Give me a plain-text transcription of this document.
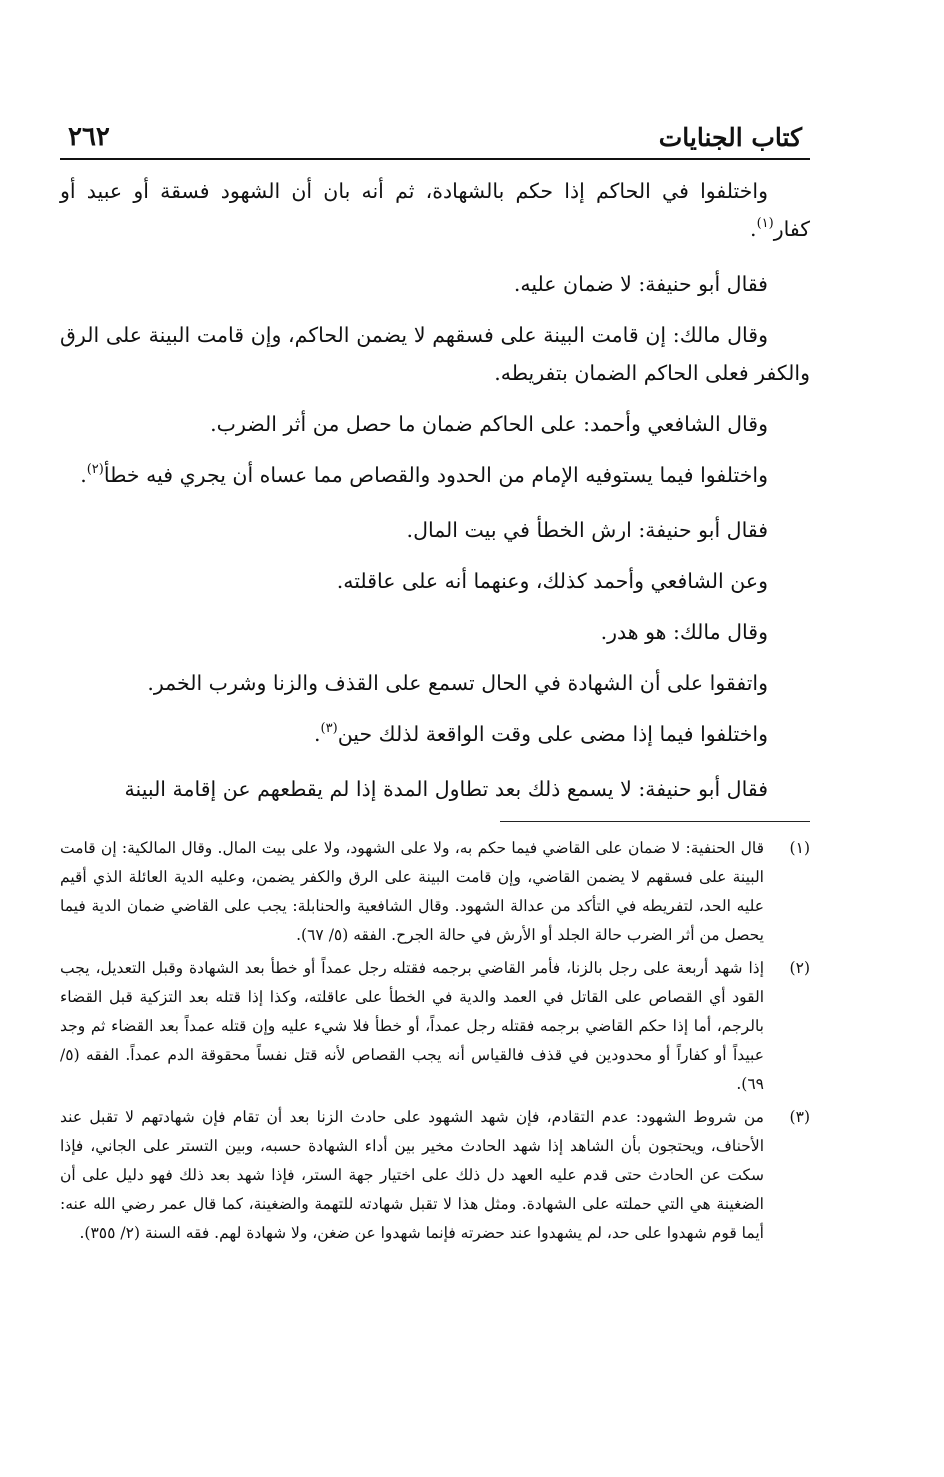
كتاب الجنايات
٢٦٢

واختلفوا في الحاكم إذا حكم بالشهادة، ثم أنه بان أن الشهود فسقة أو عبيد أو كفار$^{(١)}$.

فقال أبو حنيفة: لا ضمان عليه.

وقال مالك: إن قامت البينة على فسقهم لا يضمن الحاكم، وإن قامت البينة على الرق والكفر فعلى الحاكم الضمان بتفريطه.

وقال الشافعي وأحمد: على الحاكم ضمان ما حصل من أثر الضرب.

واختلفوا فيما يستوفيه الإمام من الحدود والقصاص مما عساه أن يجري فيه خطأ$^{(٢)}$.

فقال أبو حنيفة: ارش الخطأ في بيت المال.

وعن الشافعي وأحمد كذلك، وعنهما أنه على عاقلته.

وقال مالك: هو هدر.

واتفقوا على أن الشهادة في الحال تسمع على القذف والزنا وشرب الخمر.

واختلفوا فيما إذا مضى على وقت الواقعة لذلك حين$^{(٣)}$.

فقال أبو حنيفة: لا يسمع ذلك بعد تطاول المدة إذا لم يقطعهم عن إقامة البينة

(١)
قال الحنفية: لا ضمان على القاضي فيما حكم به، ولا على الشهود، ولا على بيت المال. وقال المالكية: إن قامت البينة على فسقهم لا يضمن القاضي، وإن قامت البينة على الرق والكفر يضمن، وعليه الدية العائلة الذي أقيم عليه الحد، لتفريطه في التأكد من عدالة الشهود. وقال الشافعية والحنابلة: يجب على القاضي ضمان الدية فيما يحصل من أثر الضرب حالة الجلد أو الأرش في حالة الجرح. الفقه (٥/ ٦٧).
(٢)
إذا شهد أربعة على رجل بالزنا، فأمر القاضي برجمه فقتله رجل عمداً أو خطأ بعد الشهادة وقبل التعديل، يجب القود أي القصاص على القاتل في العمد والدية في الخطأ على عاقلته، وكذا إذا قتله بعد التزكية قبل القضاء بالرجم، أما إذا حكم القاضي برجمه فقتله رجل عمداً، أو خطأ فلا شيء عليه وإن قتله عمداً بعد القضاء ثم وجد عبيداً أو كفاراً أو محدودين في قذف فالقياس أنه يجب القصاص لأنه قتل نفساً محقوقة الدم عمداً. الفقه (٥/ ٦٩).
(٣)
من شروط الشهود: عدم التقادم، فإن شهد الشهود على حادث الزنا بعد أن تقام فإن شهادتهم لا تقبل عند الأحناف، ويحتجون بأن الشاهد إذا شهد الحادث مخير بين أداء الشهادة حسبه، وبين التستر على الجاني، فإذا سكت عن الحادث حتى قدم عليه العهد دل ذلك على اختيار جهة الستر، فإذا شهد بعد ذلك فهو دليل على أن الضغينة هي التي حملته على الشهادة. ومثل هذا لا تقبل شهادته للتهمة والضغينة، كما قال عمر رضي الله عنه: أيما قوم شهدوا على حد، لم يشهدوا عند حضرته فإنما شهدوا عن ضغن، ولا شهادة لهم. فقه السنة (٢/ ٣٥٥).
